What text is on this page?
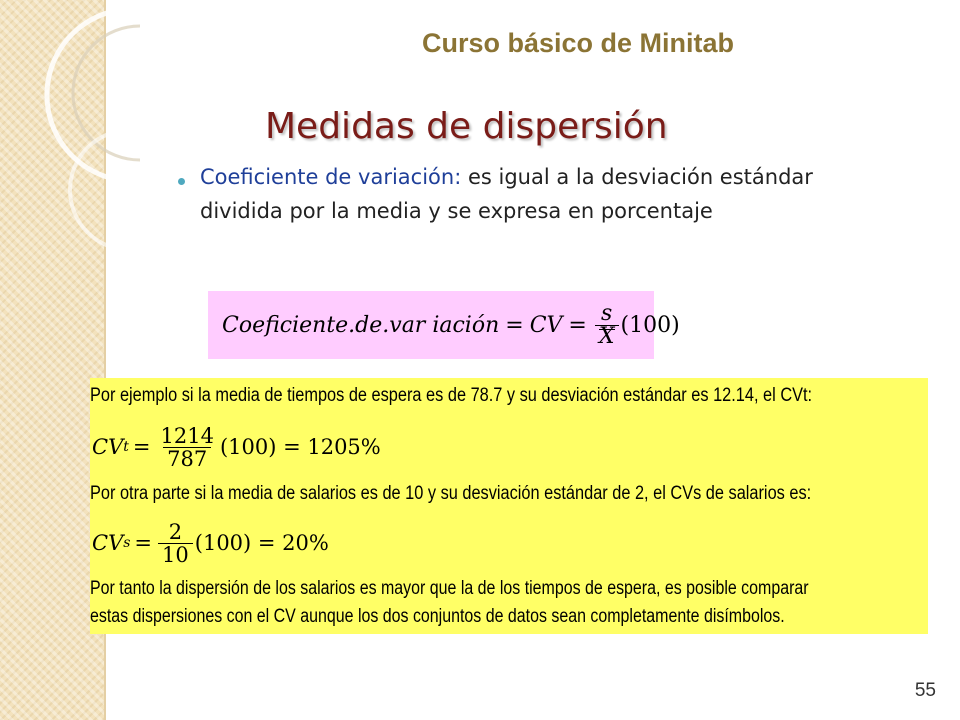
Curso básico de Minitab
Medidas de dispersión
Coeficiente de variación: es igual a la desviación estándar dividida por la media y se expresa en porcentaje
Coeficiente.de.var iación = CV = $\frac{s}{X} (100)$
Por ejemplo si la media de tiempos de espera es de 78.7 y su desviación estándar es 12.14, el CVt:
CV $t = \frac{1214}{787} (100) = 1205\%$
Por otra parte si la media de salarios es de 10 y su desviación estándar de 2, el CVs de salarios es:
CV $s = \frac{2}{10} (100) = 20\%$
Por tanto la dispersión de los salarios es mayor que la de los tiempos de espera, es posible comparar
estas dispersiones con el CV aunque los dos conjuntos de datos sean completamente disímbolos.
55
